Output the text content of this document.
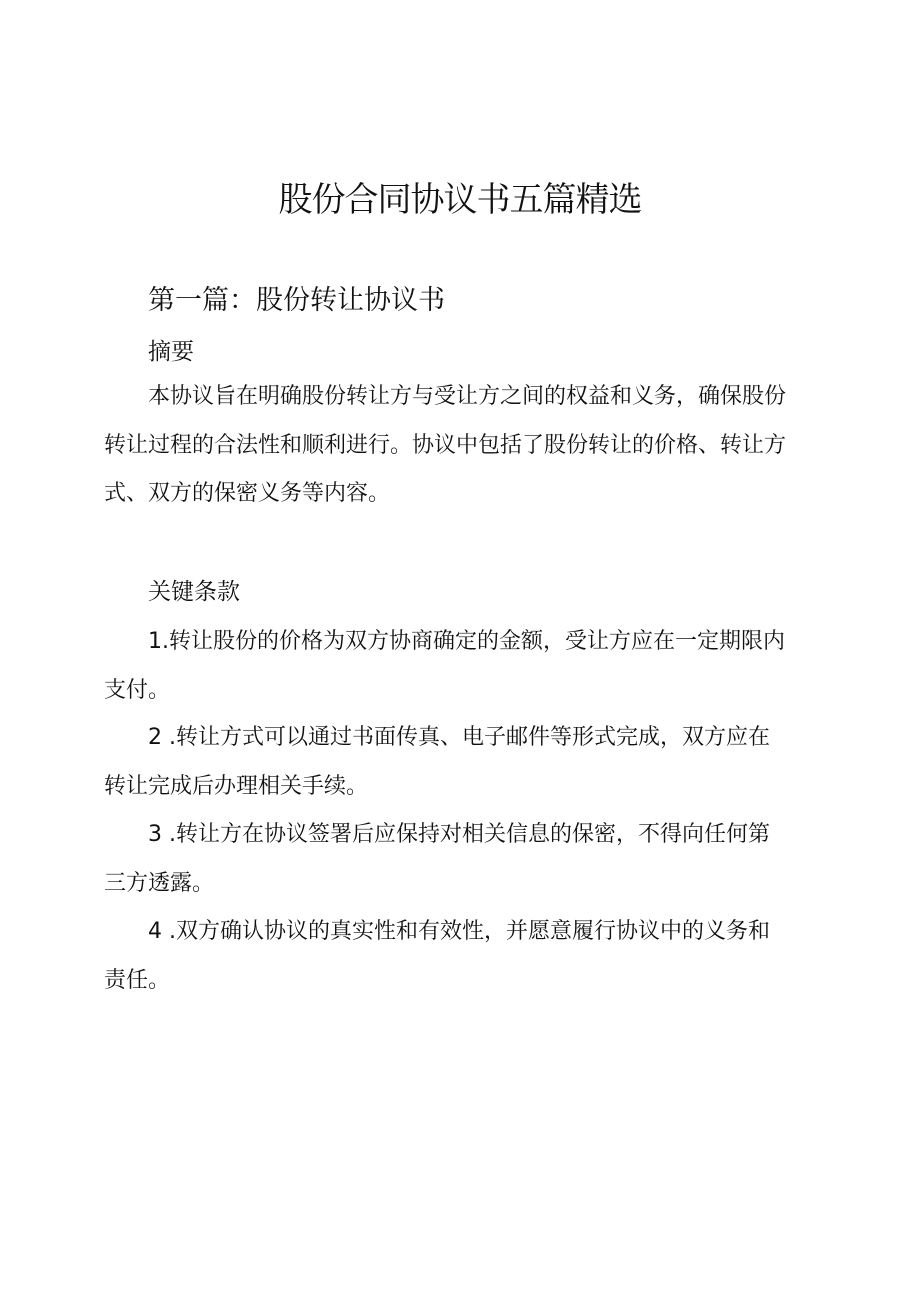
股份合同协议书五篇精选
第一篇：股份转让协议书
摘要
本协议旨在明确股份转让方与受让方之间的权益和义务，确保股份
转让过程的合法性和顺利进行。协议中包括了股份转让的价格、转让方
式、双方的保密义务等内容。
关键条款
1.转让股份的价格为双方协商确定的金额，受让方应在一定期限内
支付。
2 .转让方式可以通过书面传真、电子邮件等形式完成，双方应在
转让完成后办理相关手续。
3 .转让方在协议签署后应保持对相关信息的保密，不得向任何第
三方透露。
4 .双方确认协议的真实性和有效性，并愿意履行协议中的义务和
责任。
